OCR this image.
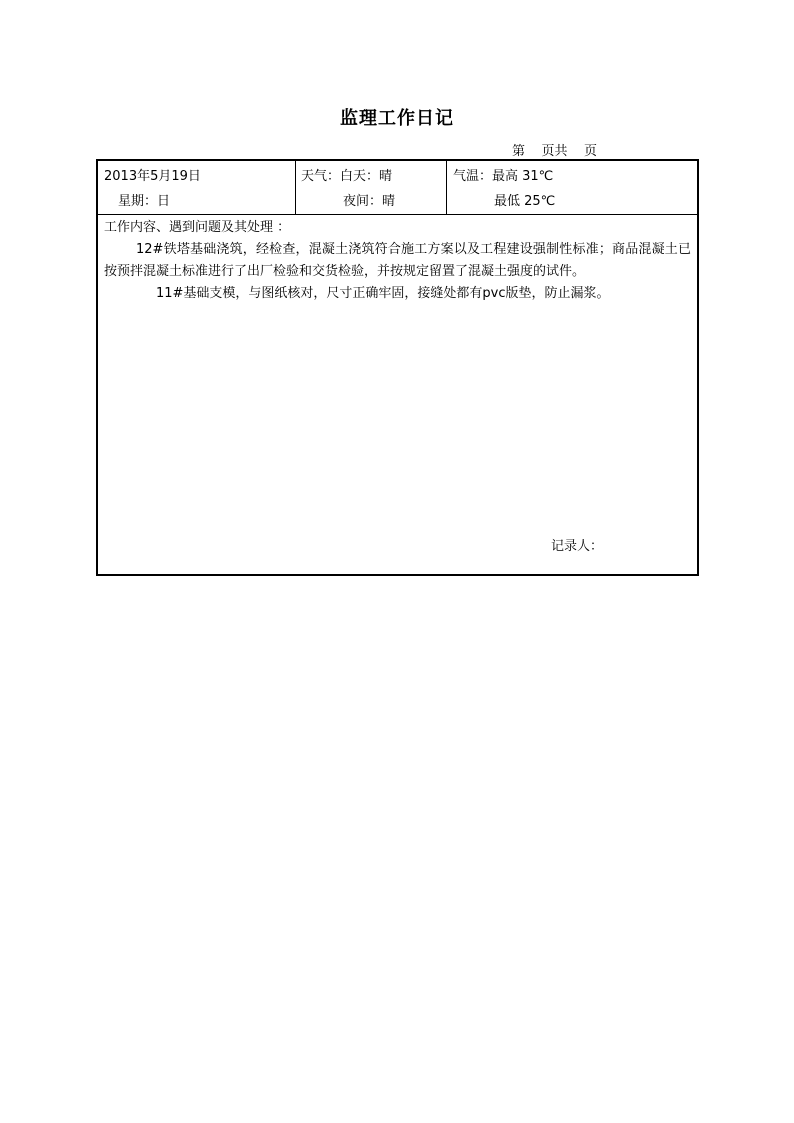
监理工作日记
第    页共    页
2013年5月19日
星期：日
天气：白天：晴
夜间：晴
气温：最高 31℃
最低 25℃
工作内容、遇到问题及其处理 ：

12#铁塔基础浇筑，经检查，混凝土浇筑符合施工方案以及工程建设强制性标准；商品混凝土已按预拌混凝土标准进行了出厂检验和交货检验，并按规定留置了混凝土强度的试件。

11#基础支模，与图纸核对，尺寸正确牢固，接缝处都有pvc版垫，防止漏浆。

记录人：
